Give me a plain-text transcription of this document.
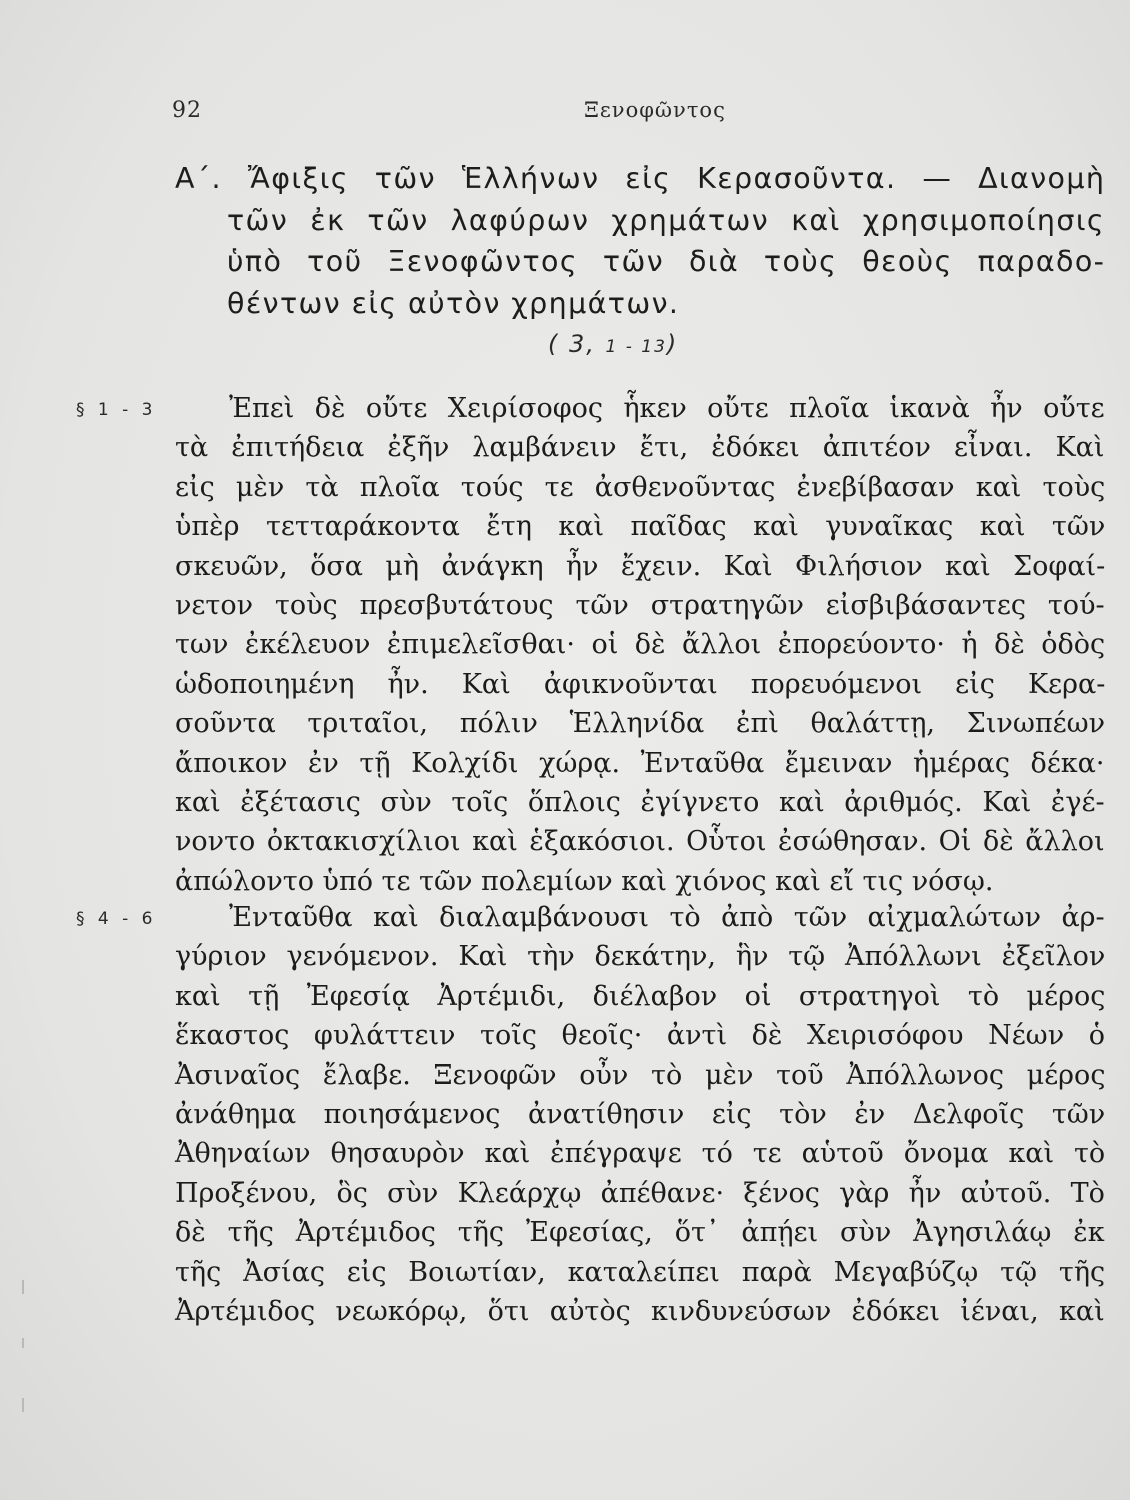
92	Ξενοφῶντος
Α΄. Ἄφιξις τῶν Ἑλλήνων εἰς Κερασοῦντα. — Διανομὴ
τῶν ἐκ τῶν λαφύρων χρημάτων καὶ χρησιμοποίησις
ὑπὸ τοῦ Ξενοφῶντος τῶν διὰ τοὺς θεοὺς παραδο-
θέντων εἰς αὐτὸν χρημάτων.
( 3, 1 - 13)
§ 1 - 3	Ἐπεὶ δὲ οὔτε Χειρίσοφος ἧκεν οὔτε πλοῖα ἱκανὰ ἦν οὔτε
τὰ ἐπιτήδεια ἐξῆν λαμβάνειν ἔτι, ἐδόκει ἀπιτέον εἶναι. Καὶ
εἰς μὲν τὰ πλοῖα τούς τε ἀσθενοῦντας ἐνεβίβασαν καὶ τοὺς
ὑπὲρ τετταράκοντα ἔτη καὶ παῖδας καὶ γυναῖκας καὶ τῶν
σκευῶν, ὅσα μὴ ἀνάγκη ἦν ἔχειν. Καὶ Φιλήσιον καὶ Σοφαί-
νετον τοὺς πρεσβυτάτους τῶν στρατηγῶν εἰσβιβάσαντες τού-
των ἐκέλευον ἐπιμελεῖσθαι· οἱ δὲ ἄλλοι ἐπορεύοντο· ἡ δὲ ὁδὸς
ὡδοποιημένη ἦν. Καὶ ἀφικνοῦνται πορευόμενοι εἰς Κερα-
σοῦντα τριταῖοι, πόλιν Ἑλληνίδα ἐπὶ θαλάττῃ, Σινωπέων
ἄποικον ἐν τῇ Κολχίδι χώρᾳ. Ἐνταῦθα ἔμειναν ἡμέρας δέκα·
καὶ ἐξέτασις σὺν τοῖς ὅπλοις ἐγίγνετο καὶ ἀριθμός. Καὶ ἐγέ-
νοντο ὀκτακισχίλιοι καὶ ἑξακόσιοι. Οὗτοι ἐσώθησαν. Οἱ δὲ ἄλλοι
ἀπώλοντο ὑπό τε τῶν πολεμίων καὶ χιόνος καὶ εἴ τις νόσῳ.
§ 4 - 6	Ἐνταῦθα καὶ διαλαμβάνουσι τὸ ἀπὸ τῶν αἰχμαλώτων ἀρ-
γύριον γενόμενον. Καὶ τὴν δεκάτην, ἣν τῷ Ἀπόλλωνι ἐξεῖλον
καὶ τῇ Ἐφεσίᾳ Ἀρτέμιδι, διέλαβον οἱ στρατηγοὶ τὸ μέρος
ἕκαστος φυλάττειν τοῖς θεοῖς· ἀντὶ δὲ Χειρισόφου Νέων ὁ
Ἀσιναῖος ἔλαβε. Ξενοφῶν οὖν τὸ μὲν τοῦ Ἀπόλλωνος μέρος
ἀνάθημα ποιησάμενος ἀνατίθησιν εἰς τὸν ἐν Δελφοῖς τῶν
Ἀθηναίων θησαυρὸν καὶ ἐπέγραψε τό τε αὑτοῦ ὄνομα καὶ τὸ
Προξένου, ὃς σὺν Κλεάρχῳ ἀπέθανε· ξένος γὰρ ἦν αὐτοῦ. Τὸ
δὲ τῆς Ἀρτέμιδος τῆς Ἐφεσίας, ὅτ᾽ ἀπῄει σὺν Ἀγησιλάῳ ἐκ
τῆς Ἀσίας εἰς Βοιωτίαν, καταλείπει παρὰ Μεγαβύζῳ τῷ τῆς
Ἀρτέμιδος νεωκόρῳ, ὅτι αὐτὸς κινδυνεύσων ἐδόκει ἰέναι, καὶ
